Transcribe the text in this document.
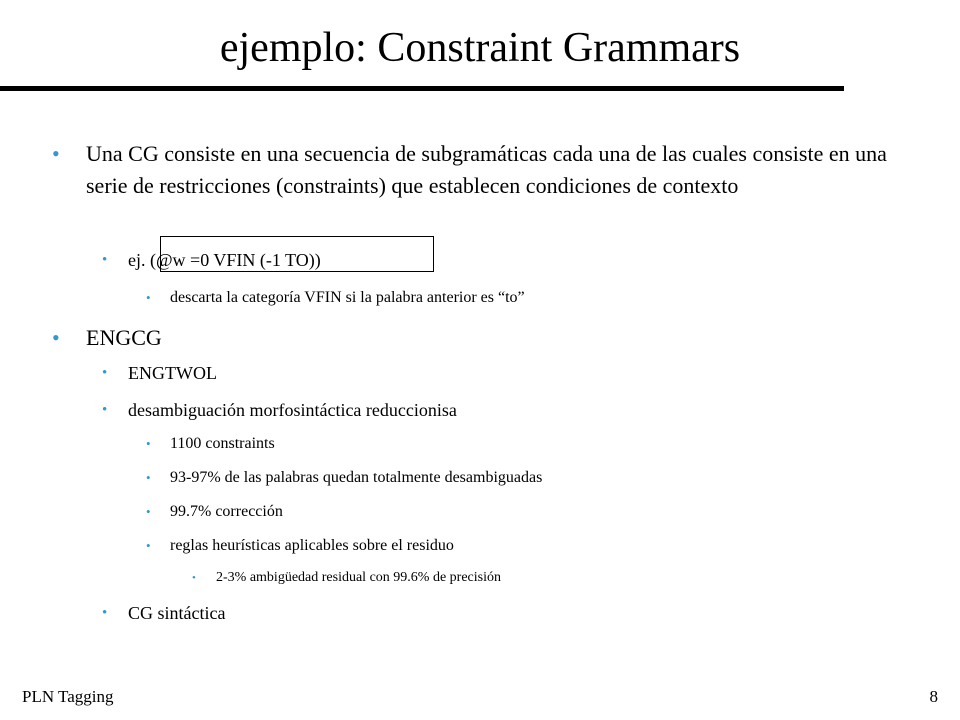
ejemplo: Constraint Grammars
• Una CG consiste en una secuencia de subgramáticas cada una de las cuales consiste en una serie de restricciones (constraints) que establecen condiciones de contexto
• ej. (@w =0 VFIN (-1 TO))
• descarta la categoría VFIN si la palabra anterior es “to”
• ENGCG
• ENGTWOL
• desambiguación morfosintáctica reduccionisa
• 1100 constraints
• 93-97% de las palabras quedan totalmente desambiguadas
• 99.7% corrección
• reglas heurísticas aplicables sobre el residuo
• 2-3% ambigüedad residual con 99.6% de precisión
• CG sintáctica
PLN Tagging	8
